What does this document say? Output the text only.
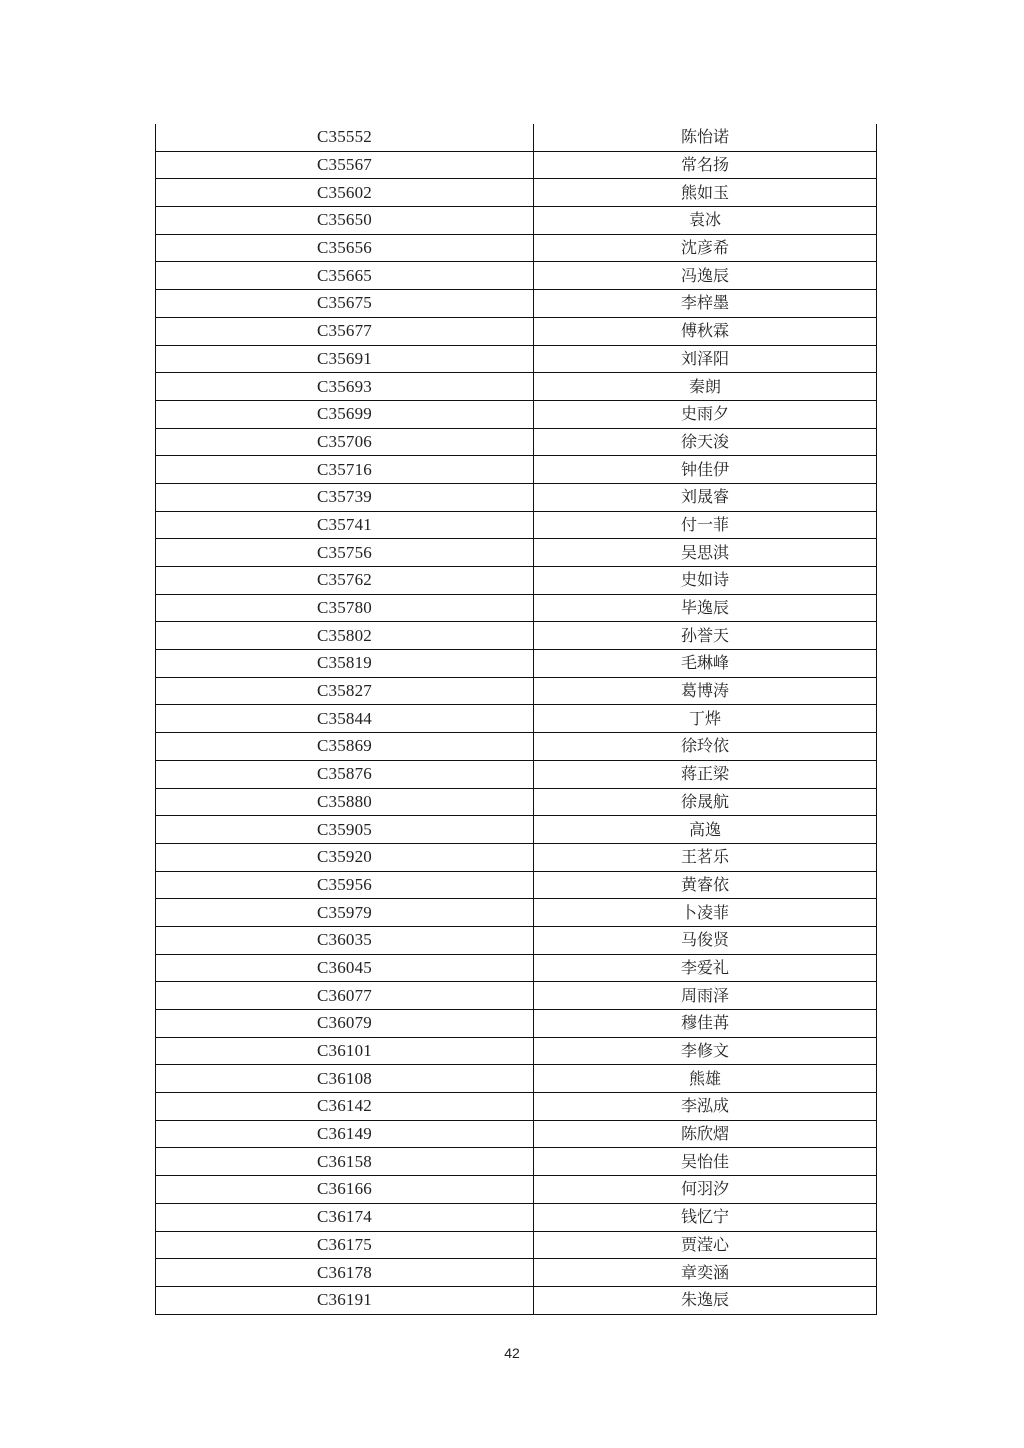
C35552	陈怡诺
C35567	常名扬
C35602	熊如玉
C35650	袁冰
C35656	沈彦希
C35665	冯逸辰
C35675	李梓墨
C35677	傅秋霖
C35691	刘泽阳
C35693	秦朗
C35699	史雨夕
C35706	徐天浚
C35716	钟佳伊
C35739	刘晟睿
C35741	付一菲
C35756	吴思淇
C35762	史如诗
C35780	毕逸辰
C35802	孙誉天
C35819	毛琳峰
C35827	葛博涛
C35844	丁烨
C35869	徐玲依
C35876	蒋正梁
C35880	徐晟航
C35905	高逸
C35920	王茗乐
C35956	黄睿依
C35979	卜凌菲
C36035	马俊贤
C36045	李爱礼
C36077	周雨泽
C36079	穆佳苒
C36101	李修文
C36108	熊雄
C36142	李泓成
C36149	陈欣熠
C36158	吴怡佳
C36166	何羽汐
C36174	钱忆宁
C36175	贾滢心
C36178	章奕涵
C36191	朱逸辰
42
